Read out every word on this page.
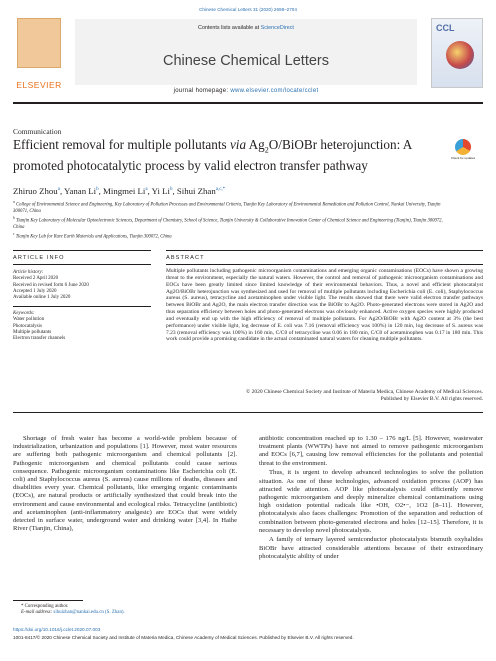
Chinese Chemical Letters 31 (2020) 2698–2704
ELSEVIER
Contents lists available at ScienceDirect
Chinese Chemical Letters
CCL
journal homepage: www.elsevier.com/locate/cclet
Communication
Efficient removal for multiple pollutants via $Ag_2O$/BiOBr heterojunction: A promoted photocatalytic process by valid electron transfer pathway
Check for updates
Zhiruo Zhou$^a$, Yanan Li$^b$, Mingmei Li$^a$, Yi Li$^b$, Sihui Zhan$^{a,c,*}$
$^a$ College of Environmental Science and Engineering, Key Laboratory of Pollution Processes and Environmental Criteria, Tianjin Key Laboratory of Environmental Remediation and Pollution Control, Nankai University, Tianjin 300071, China
$^b$ Tianjin Key Laboratory of Molecular Optoelectronic Sciences, Department of Chemistry, School of Science, Tianjin University & Collaborative Innovation Center of Chemical Science and Engineering (Tianjin), Tianjin 300072, China
$^c$ Tianjin Key Lab for Rare Earth Materials and Applications, Tianjin 300072, China
ARTICLE INFO	ABSTRACT
Article history:
Received 2 April 2020
Received in revised form 6 June 2020
Accepted 1 July 2020
Available online 1 July 2020
Keywords:
Water pollution
Photocatalysis
Multiple pollutants
Electron transfer channels
Multiple pollutants including pathogenic microorganism contaminations and emerging organic contaminations (EOCs) have shown a growing threat to the environment, especially the natural waters. However, the control and removal of pathogenic microorganism contaminations and EOCs have been greatly limited since limited knowledge of their environmental behaviors. Thus, a novel and efficient photocatalyst Ag2O/BiOBr heterojunction was synthesized and used for removal of multiple pollutants including Escherichia coli (E. coli), Staphylococcus aureus (S. aureus), tetracycline and acetaminophen under visible light. The results showed that there were valid electron transfer pathways between BiOBr and Ag2O, the main electron transfer direction was the BiOBr to Ag2O. Photo-generated electrons were stored in Ag2O and thus separation efficiency between holes and photo-generated electrons was obviously enhanced. Active oxygen species were highly produced and eventually end up with the high efficiency of removal of multiple pollutants. For Ag2O/BiOBr with Ag2O content at 3% (the best performance) under visible light, log decrease of E. coli was 7.16 (removal efficiency was 100%) in 120 min, log decrease of S. aureus was 7.23 (removal efficiency was 100%) in 160 min, C/C0 of tetracycline was 0.06 in 180 min, C/C0 of acetaminophen was 0.17 in 180 min. This work could provide a promising candidate in the actual contaminated natural waters for cleaning multiple pollutants.
© 2020 Chinese Chemical Society and Institute of Materia Medica, Chinese Academy of Medical Sciences.
Published by Elsevier B.V. All rights reserved.

Shortage of fresh water has become a world-wide problem because of industrialization, urbanization and populations [1]. However, most water resources are suffering both pathogenic microorganism and chemical pollutants [2]. Pathogenic microorganism and chemical pollutants could cause serious consequence. Pathogenic microorganism contaminations like Escherichia coli (E. coli) and Staphylococcus aureus (S. aureus) cause millions of deaths, diseases and disabilities every year. Chemical pollutants, like emerging organic contaminants (EOCs), are natural products or artificially synthesized that could break into the environment and cause environmental and ecological risks. Tetracycline (antibiotic) and acetaminophen (anti-inflammatory analgesic) are EOCs that were widely detected in surface water, underground water and drinking water [3,4]. In Haihe River (Tianjin, China),

antibiotic concentration reached up to 1.30 – 176 ng/L [5]. However, wastewater treatment plants (WWTPs) have not aimed to remove pathogenic microorganism and EOCs [6,7], causing low removal efficiencies for the pollutants and potential threat to the environment.

Thus, it is urgent to develop advanced technologies to solve the pollution situation. As one of these technologies, advanced oxidation process (AOP) has attracted wide attention. AOP like photocatalysis could efficiently remove pathogenic microorganism and deeply mineralize chemical contaminations using high oxidation potential radicals like •OH, O2•−, 1O2 [8–11]. However, photocatalysis also faces challenges: Promotion of the separation and reduction of combination between photo-generated electrons and holes [12–15]. Therefore, it is necessary to develop novel photocatalysts.

A family of ternary layered semiconductor photocatalysts bismuth oxyhalides BiOBr have attracted considerable attentions because of their extraordinary photocatalytic ability of under

* Corresponding author.
E-mail address: sihuizhan@nankai.edu.cn (S. Zhan).
https://doi.org/10.1016/j.cclet.2020.07.003
1001-8417/© 2020 Chinese Chemical Society and Institute of Materia Medica, Chinese Academy of Medical Sciences. Published by Elsevier B.V. All rights reserved.
